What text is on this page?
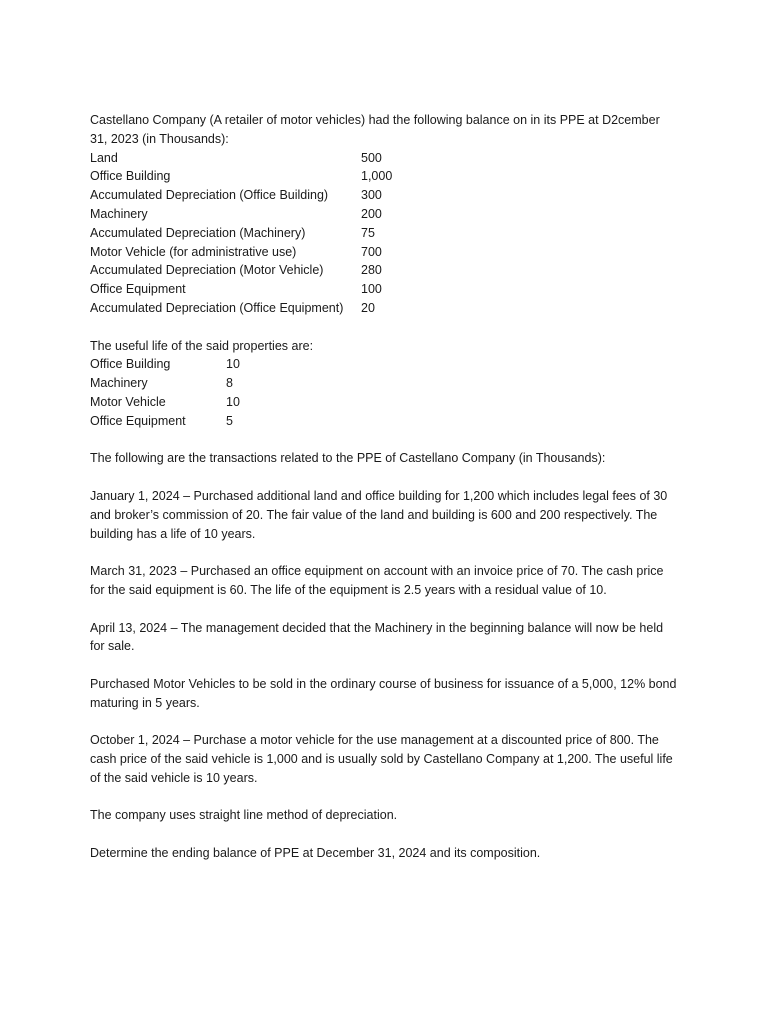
Castellano Company (A retailer of motor vehicles) had the following balance on in its PPE at D2cember 31, 2023 (in Thousands):

Land	500
Office Building	1,000
Accumulated Depreciation (Office Building)	300
Machinery	200
Accumulated Depreciation (Machinery)	75
Motor Vehicle (for administrative use)	700
Accumulated Depreciation (Motor Vehicle)	280
Office Equipment	100
Accumulated Depreciation (Office Equipment)	20

The useful life of the said properties are:

Office Building	10
Machinery	8
Motor Vehicle	10
Office Equipment	5

The following are the transactions related to the PPE of Castellano Company (in Thousands):

January 1, 2024 – Purchased additional land and office building for 1,200 which includes legal fees of 30 and broker’s commission of 20. The fair value of the land and building is 600 and 200 respectively. The building has a life of 10 years.

March 31, 2023 – Purchased an office equipment on account with an invoice price of 70. The cash price for the said equipment is 60. The life of the equipment is 2.5 years with a residual value of 10.

April 13, 2024 – The management decided that the Machinery in the beginning balance will now be held for sale.

Purchased Motor Vehicles to be sold in the ordinary course of business for issuance of a 5,000, 12% bond maturing in 5 years.

October 1, 2024 – Purchase a motor vehicle for the use management at a discounted price of 800. The cash price of the said vehicle is 1,000 and is usually sold by Castellano Company at 1,200. The useful life of the said vehicle is 10 years.

The company uses straight line method of depreciation.

Determine the ending balance of PPE at December 31, 2024 and its composition.
